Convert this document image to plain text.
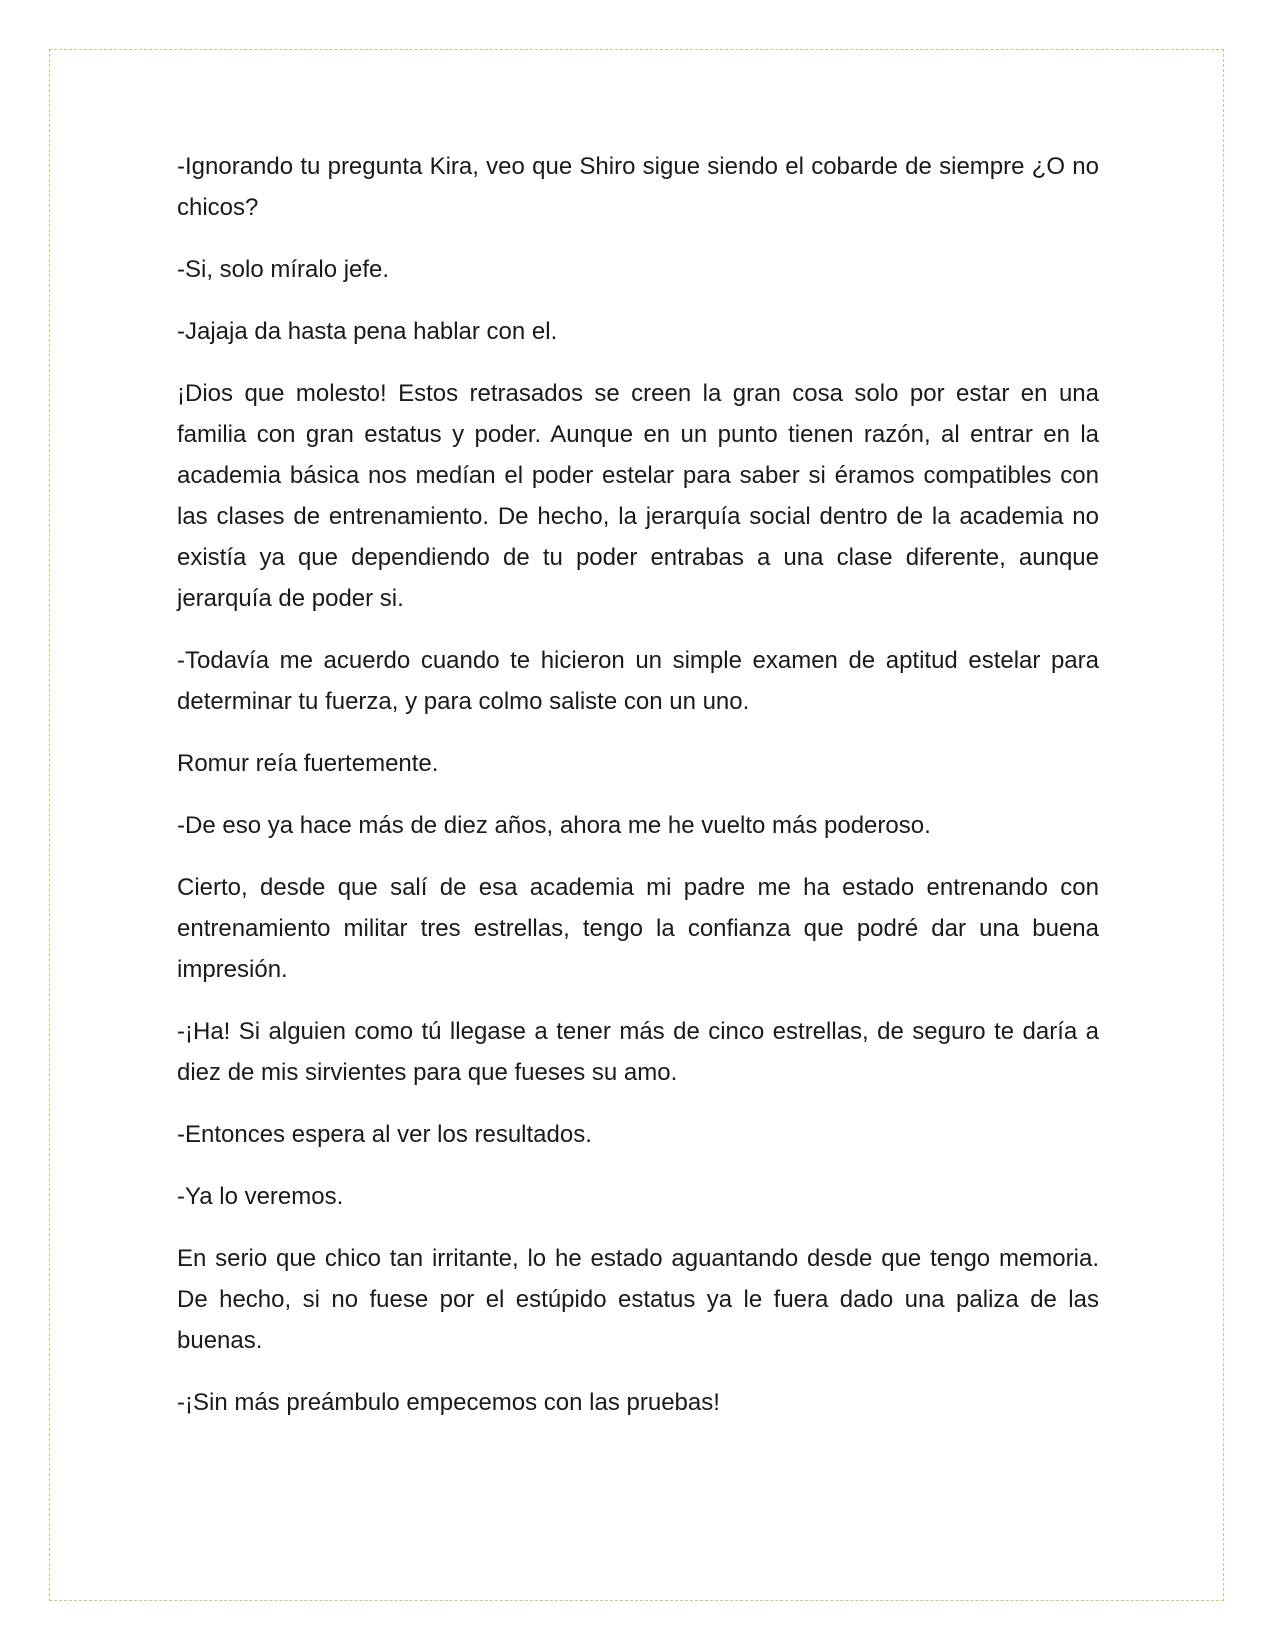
-Ignorando tu pregunta Kira, veo que Shiro sigue siendo el cobarde de siempre ¿O no chicos?

-Si, solo míralo jefe.

-Jajaja da hasta pena hablar con el.

¡Dios que molesto! Estos retrasados se creen la gran cosa solo por estar en una familia con gran estatus y poder. Aunque en un punto tienen razón, al entrar en la academia básica nos medían el poder estelar para saber si éramos compatibles con las clases de entrenamiento. De hecho, la jerarquía social dentro de la academia no existía ya que dependiendo de tu poder entrabas a una clase diferente, aunque jerarquía de poder si.

-Todavía me acuerdo cuando te hicieron un simple examen de aptitud estelar para determinar tu fuerza, y para colmo saliste con un uno.

Romur reía fuertemente.

-De eso ya hace más de diez años, ahora me he vuelto más poderoso.

Cierto, desde que salí de esa academia mi padre me ha estado entrenando con entrenamiento militar tres estrellas, tengo la confianza que podré dar una buena impresión.

-¡Ha! Si alguien como tú llegase a tener más de cinco estrellas, de seguro te daría a diez de mis sirvientes para que fueses su amo.

-Entonces espera al ver los resultados.

-Ya lo veremos.

En serio que chico tan irritante, lo he estado aguantando desde que tengo memoria. De hecho, si no fuese por el estúpido estatus ya le fuera dado una paliza de las buenas.

-¡Sin más preámbulo empecemos con las pruebas!
